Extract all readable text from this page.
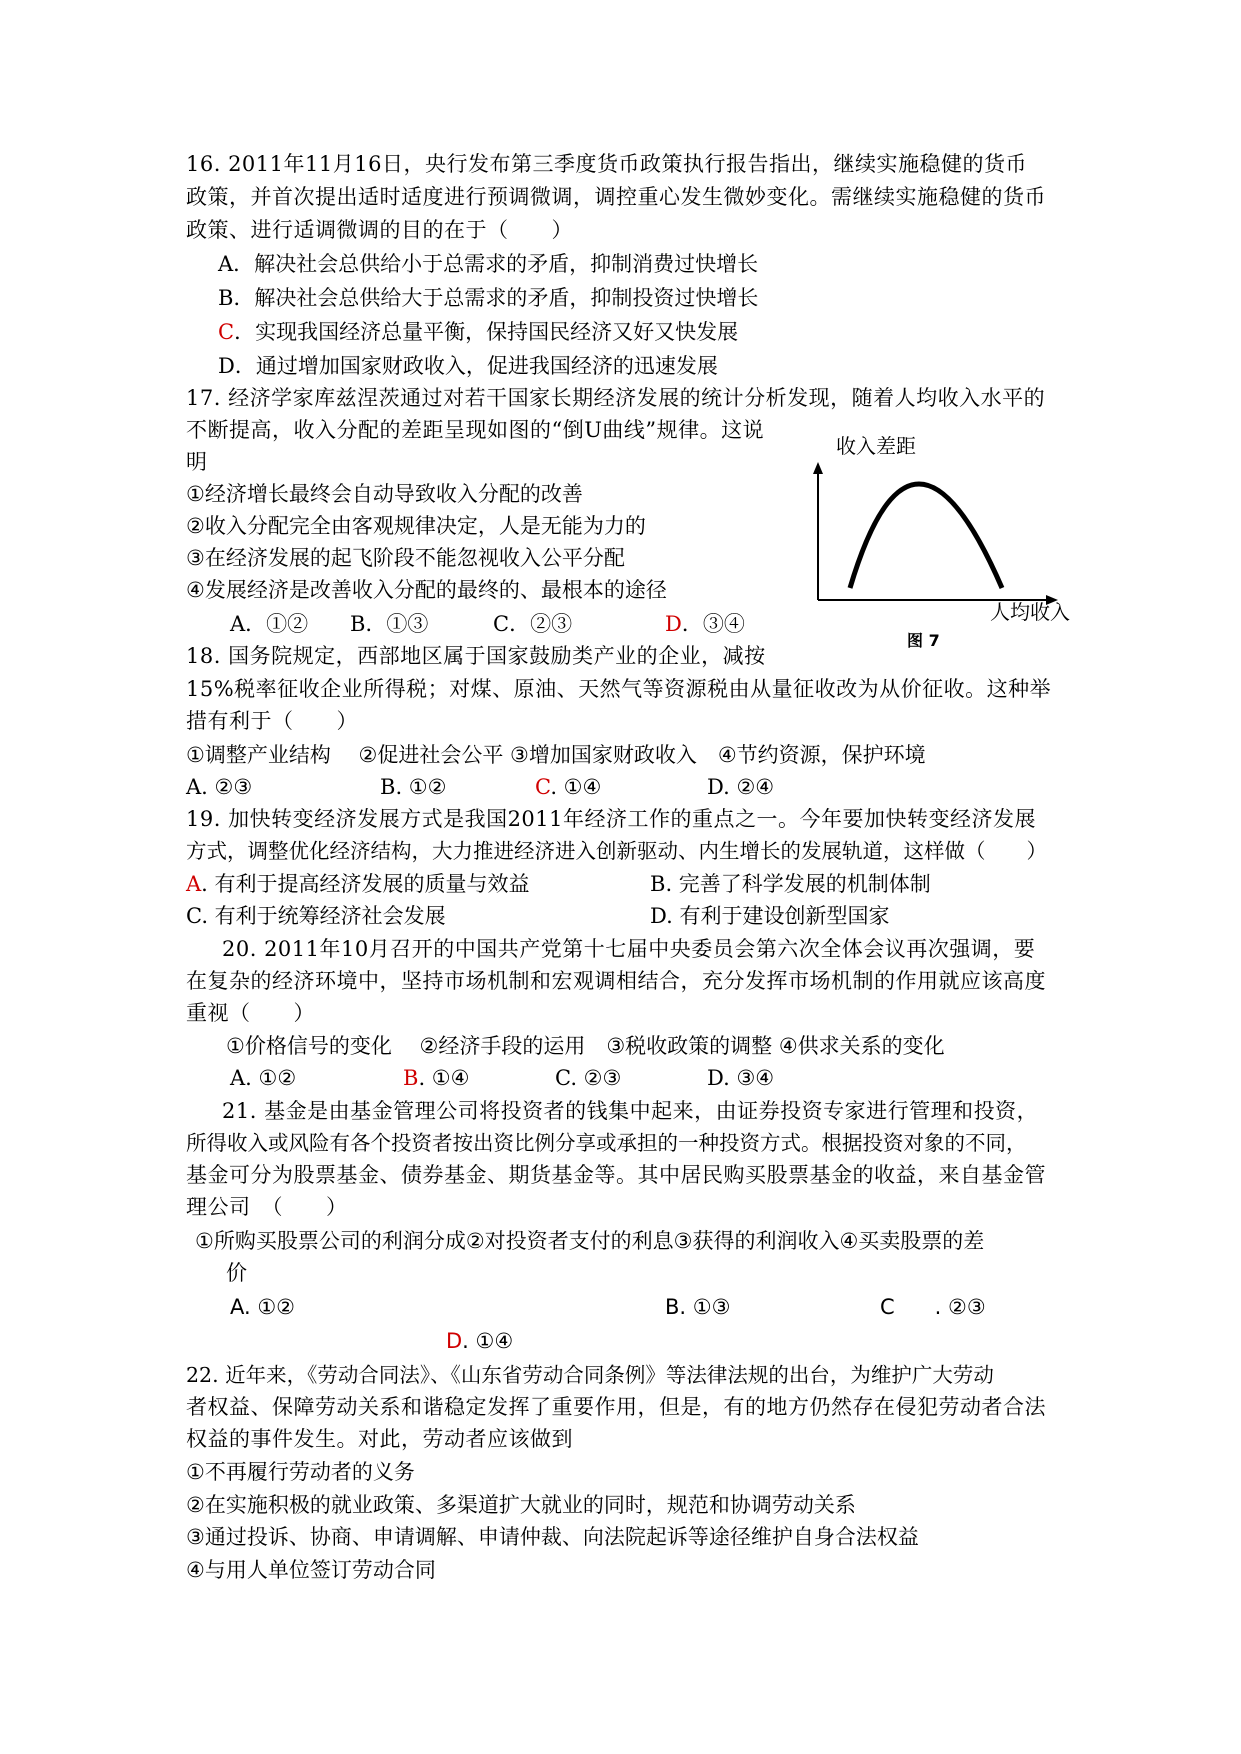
16. 2011年11月16日，央行发布第三季度货币政策执行报告指出，继续实施稳健的货币
政策，并首次提出适时适度进行预调微调，调控重心发生微妙变化。需继续实施稳健的货币
政策、进行适调微调的目的在于（　　）
A．解决社会总供给小于总需求的矛盾，抑制消费过快增长
B．解决社会总供给大于总需求的矛盾，抑制投资过快增长
C．实现我国经济总量平衡，保持国民经济又好又快发展
D．通过增加国家财政收入，促进我国经济的迅速发展
17. 经济学家库兹涅茨通过对若干国家长期经济发展的统计分析发现，随着人均收入水平的
不断提高，收入分配的差距呈现如图的“倒U曲线”规律。这说
明
①经济增长最终会自动导致收入分配的改善
②收入分配完全由客观规律决定，人是无能为力的
③在经济发展的起飞阶段不能忽视收入公平分配
④发展经济是改善收入分配的最终的、最根本的途径
A．①② B．①③	C．②③	D．③④
收入差距
人均收入
图 7
18. 国务院规定，西部地区属于国家鼓励类产业的企业，减按
15%税率征收企业所得税；对煤、原油、天然气等资源税由从量征收改为从价征收。这种举
措有利于（　　）
①调整产业结构　 ②促进社会公平 ③增加国家财政收入　④节约资源，保护环境
A. ②③	B. ①②	C. ①④	D. ②④
19. 加快转变经济发展方式是我国2011年经济工作的重点之一。今年要加快转变经济发展
方式，调整优化经济结构，大力推进经济进入创新驱动、内生增长的发展轨道，这样做（　　）
A. 有利于提高经济发展的质量与效益	B. 完善了科学发展的机制体制
C. 有利于统筹经济社会发展	D. 有利于建设创新型国家
20. 2011年10月召开的中国共产党第十七届中央委员会第六次全体会议再次强调，要
在复杂的经济环境中，坚持市场机制和宏观调相结合，充分发挥市场机制的作用就应该高度
重视（　　）
①价格信号的变化　 ②经济手段的运用　③税收政策的调整 ④供求关系的变化
A. ①②	B. ①④	C. ②③	D. ③④
21. 基金是由基金管理公司将投资者的钱集中起来，由证券投资专家进行管理和投资，
所得收入或风险有各个投资者按出资比例分享或承担的一种投资方式。根据投资对象的不同，
基金可分为股票基金、债券基金、期货基金等。其中居民购买股票基金的收益，来自基金管
理公司　（　　）
①所购买股票公司的利润分成②对投资者支付的利息③获得的利润收入④买卖股票的差
价
A. ①②	B. ①③	C . ②③
D. ①④
22. 近年来，《劳动合同法》、《山东省劳动合同条例》等法律法规的出台，为维护广大劳动
者权益、保障劳动关系和谐稳定发挥了重要作用，但是，有的地方仍然存在侵犯劳动者合法
权益的事件发生。对此，劳动者应该做到
①不再履行劳动者的义务
②在实施积极的就业政策、多渠道扩大就业的同时，规范和协调劳动关系
③通过投诉、协商、申请调解、申请仲裁、向法院起诉等途径维护自身合法权益
④与用人单位签订劳动合同
